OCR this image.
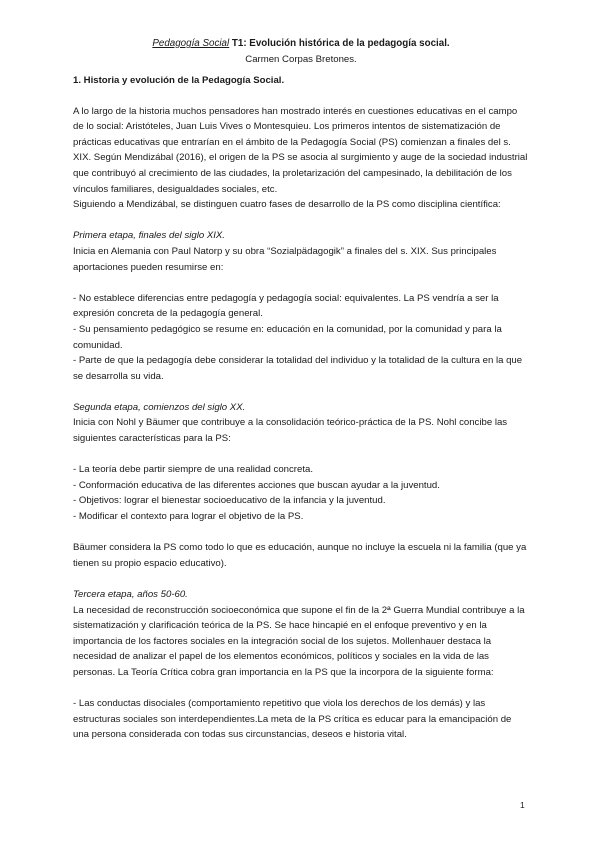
Pedagogía Social T1: Evolución histórica de la pedagogía social.
Carmen Corpas Bretones.
1. Historia y evolución de la Pedagogía Social.

A lo largo de la historia muchos pensadores han mostrado interés en cuestiones educativas en el campo de lo social: Aristóteles, Juan Luis Vives o Montesquieu. Los primeros intentos de sistematización de prácticas educativas que entrarían en el ámbito de la Pedagogía Social (PS) comienzan a finales del s. XIX. Según Mendizábal (2016), el origen de la PS se asocia al surgimiento y auge de la sociedad industrial que contribuyó al crecimiento de las ciudades, la proletarización del campesinado, la debilitación de los vínculos familiares, desigualdades sociales, etc.

Siguiendo a Mendizábal, se distinguen cuatro fases de desarrollo de la PS como disciplina científica:

Primera etapa, finales del siglo XIX.

Inicia en Alemania con Paul Natorp y su obra “Sozialpädagogik” a finales del s. XIX. Sus principales aportaciones pueden resumirse en:

- No establece diferencias entre pedagogía y pedagogía social: equivalentes. La PS vendría a ser la expresión concreta de la pedagogía general.

- Su pensamiento pedagógico se resume en: educación en la comunidad, por la comunidad y para la comunidad.

- Parte de que la pedagogía debe considerar la totalidad del individuo y la totalidad de la cultura en la que se desarrolla su vida.

Segunda etapa, comienzos del siglo XX.

Inicia con Nohl y Bäumer que contribuye a la consolidación teórico-práctica de la PS. Nohl concibe las siguientes características para la PS:

- La teoría debe partir siempre de una realidad concreta.

- Conformación educativa de las diferentes acciones que buscan ayudar a la juventud.

- Objetivos: lograr el bienestar socioeducativo de la infancia y la juventud.

- Modificar el contexto para lograr el objetivo de la PS.

Bäumer considera la PS como todo lo que es educación, aunque no incluye la escuela ni la familia (que ya tienen su propio espacio educativo).

Tercera etapa, años 50-60.

La necesidad de reconstrucción socioeconómica que supone el fin de la 2ª Guerra Mundial contribuye a la sistematización y clarificación teórica de la PS. Se hace hincapié en el enfoque preventivo y en la importancia de los factores sociales en la integración social de los sujetos. Mollenhauer destaca la necesidad de analizar el papel de los elementos económicos, políticos y sociales en la vida de las personas. La Teoría Crítica cobra gran importancia en la PS que la incorpora de la siguiente forma:

- Las conductas disociales (comportamiento repetitivo que viola los derechos de los demás) y las estructuras sociales son interdependientes.La meta de la PS crítica es educar para la emancipación de una persona considerada con todas sus circunstancias, deseos e historia vital.

1
